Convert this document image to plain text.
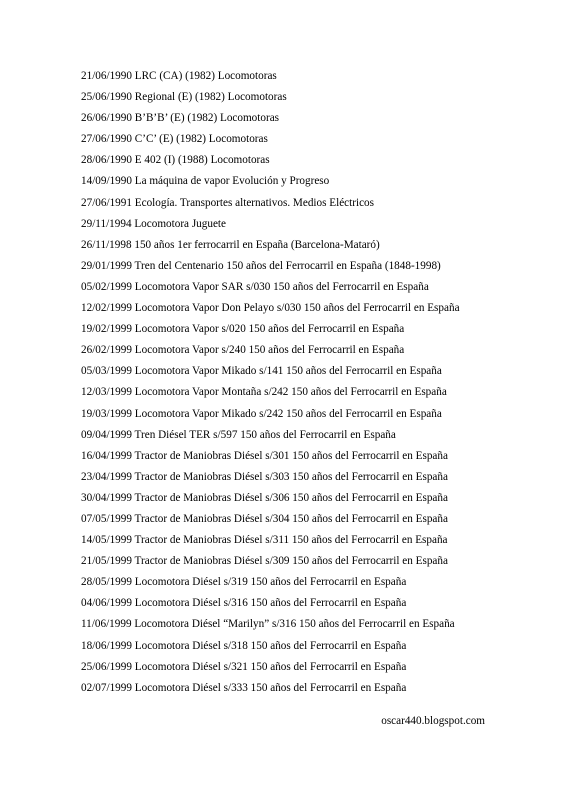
21/06/1990 LRC (CA) (1982) Locomotoras
25/06/1990 Regional (E) (1982) Locomotoras
26/06/1990 B’B’B’ (E) (1982) Locomotoras
27/06/1990 C’C’ (E) (1982) Locomotoras
28/06/1990 E 402 (I) (1988) Locomotoras
14/09/1990 La máquina de vapor Evolución y Progreso
27/06/1991 Ecología. Transportes alternativos. Medios Eléctricos
29/11/1994 Locomotora Juguete
26/11/1998 150 años 1er ferrocarril en España (Barcelona-Mataró)
29/01/1999 Tren del Centenario 150 años del Ferrocarril en España (1848-1998)
05/02/1999 Locomotora Vapor SAR s/030 150 años del Ferrocarril en España
12/02/1999 Locomotora Vapor Don Pelayo s/030 150 años del Ferrocarril en España
19/02/1999 Locomotora Vapor s/020 150 años del Ferrocarril en España
26/02/1999 Locomotora Vapor s/240 150 años del Ferrocarril en España
05/03/1999 Locomotora Vapor Mikado s/141 150 años del Ferrocarril en España
12/03/1999 Locomotora Vapor Montaña s/242 150 años del Ferrocarril en España
19/03/1999 Locomotora Vapor Mikado s/242 150 años del Ferrocarril en España
09/04/1999 Tren Diésel TER s/597 150 años del Ferrocarril en España
16/04/1999 Tractor de Maniobras Diésel s/301 150 años del Ferrocarril en España
23/04/1999 Tractor de Maniobras Diésel s/303 150 años del Ferrocarril en España
30/04/1999 Tractor de Maniobras Diésel s/306 150 años del Ferrocarril en España
07/05/1999 Tractor de Maniobras Diésel s/304 150 años del Ferrocarril en España
14/05/1999 Tractor de Maniobras Diésel s/311 150 años del Ferrocarril en España
21/05/1999 Tractor de Maniobras Diésel s/309 150 años del Ferrocarril en España
28/05/1999 Locomotora Diésel s/319 150 años del Ferrocarril en España
04/06/1999 Locomotora Diésel s/316 150 años del Ferrocarril en España
11/06/1999 Locomotora Diésel “Marilyn” s/316 150 años del Ferrocarril en España
18/06/1999 Locomotora Diésel s/318 150 años del Ferrocarril en España
25/06/1999 Locomotora Diésel s/321 150 años del Ferrocarril en España
02/07/1999 Locomotora Diésel s/333 150 años del Ferrocarril en España
oscar440.blogspot.com
